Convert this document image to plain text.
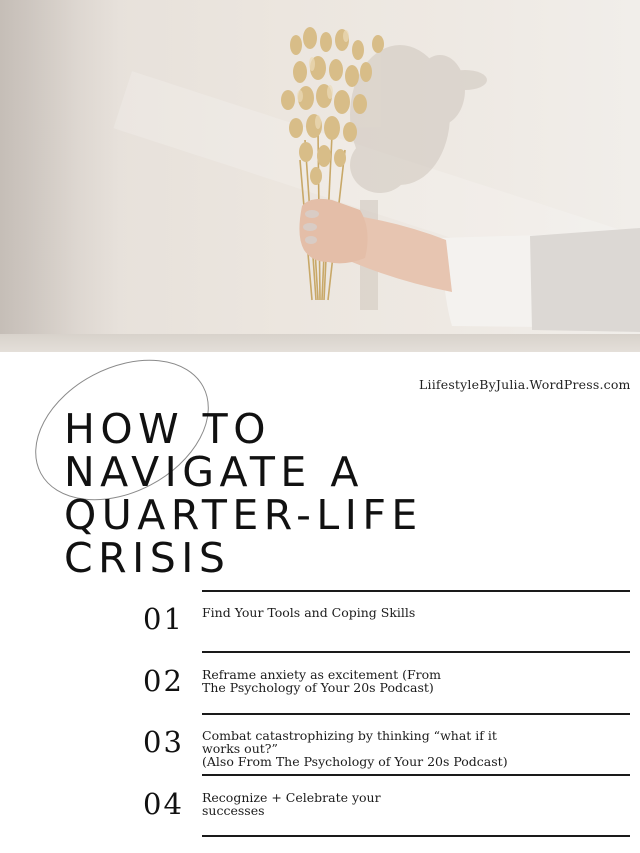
LiifestyleByJulia.WordPress.com
HOW TO
NAVIGATE A
QUARTER-LIFE
CRISIS
01 Find Your Tools and Coping Skills
02 Reframe anxiety as excitement (From
The Psychology of Your 20s Podcast)
03 Combat catastrophizing by thinking “what if it
works out?”
(Also From The Psychology of Your 20s Podcast)
04 Recognize + Celebrate your
successes
